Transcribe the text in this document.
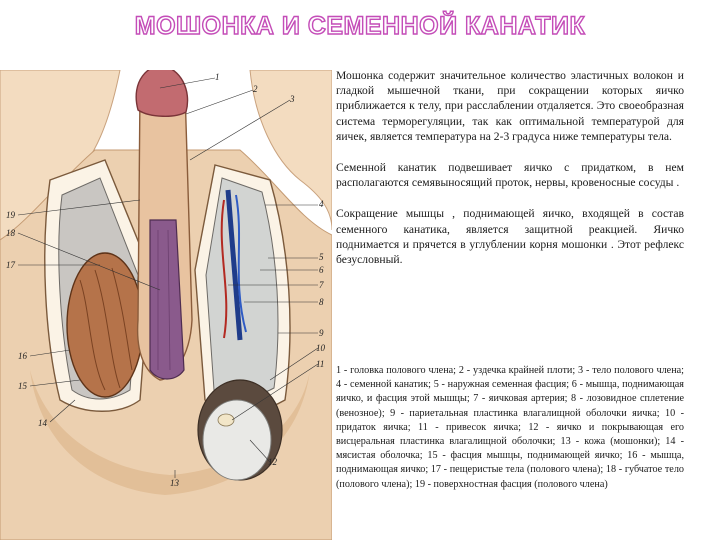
МОШОНКА И СЕМЕННОЙ КАНАТИК
1
2
3
4
5
6
7
8
9
10
11
12
13
14
15
16
17
18
19

Мошонка содержит значительное количество эластичных волокон и гладкой мышечной ткани, при сокращении которых яичко приближается к телу, при расслаблении отдаляется. Это своеобразная система терморегуляции, так как оптимальной температурой для яичек, является температура на 2-3 градуса ниже температуры тела.

Семенной канатик подвешивает яичко с придатком, в нем располагаются семявыносящий проток, нервы, кровеносные сосуды .

Сокращение мышцы , поднимающей яичко, входящей в состав семенного канатика, является защитной реакцией. Яичко поднимается и прячется в углублении корня мошонки . Этот рефлекс безусловный.

1 - головка полового члена; 2 - уздечка крайней плоти; 3 - тело полового члена; 4 - семенной канатик; 5 - наружная семенная фасция; 6 - мышца, поднимающая яичко, и фасция этой мышцы; 7 - яичковая артерия; 8 - лозовидное сплетение (венозное); 9 - париетальная пластинка влагалищной оболочки яичка; 10 - придаток яичка; 11 - привесок яичка; 12 - яичко и покрывающая его висцеральная пластинка влагалищной оболочки; 13 - кожа (мошонки); 14 - мясистая оболочка; 15 - фасция мышцы, поднимающей яичко; 16 - мышца, поднимающая яичко; 17 - пещеристые тела (полового члена); 18 - губчатое тело (полового члена); 19 - поверхностная фасция (полового члена)
